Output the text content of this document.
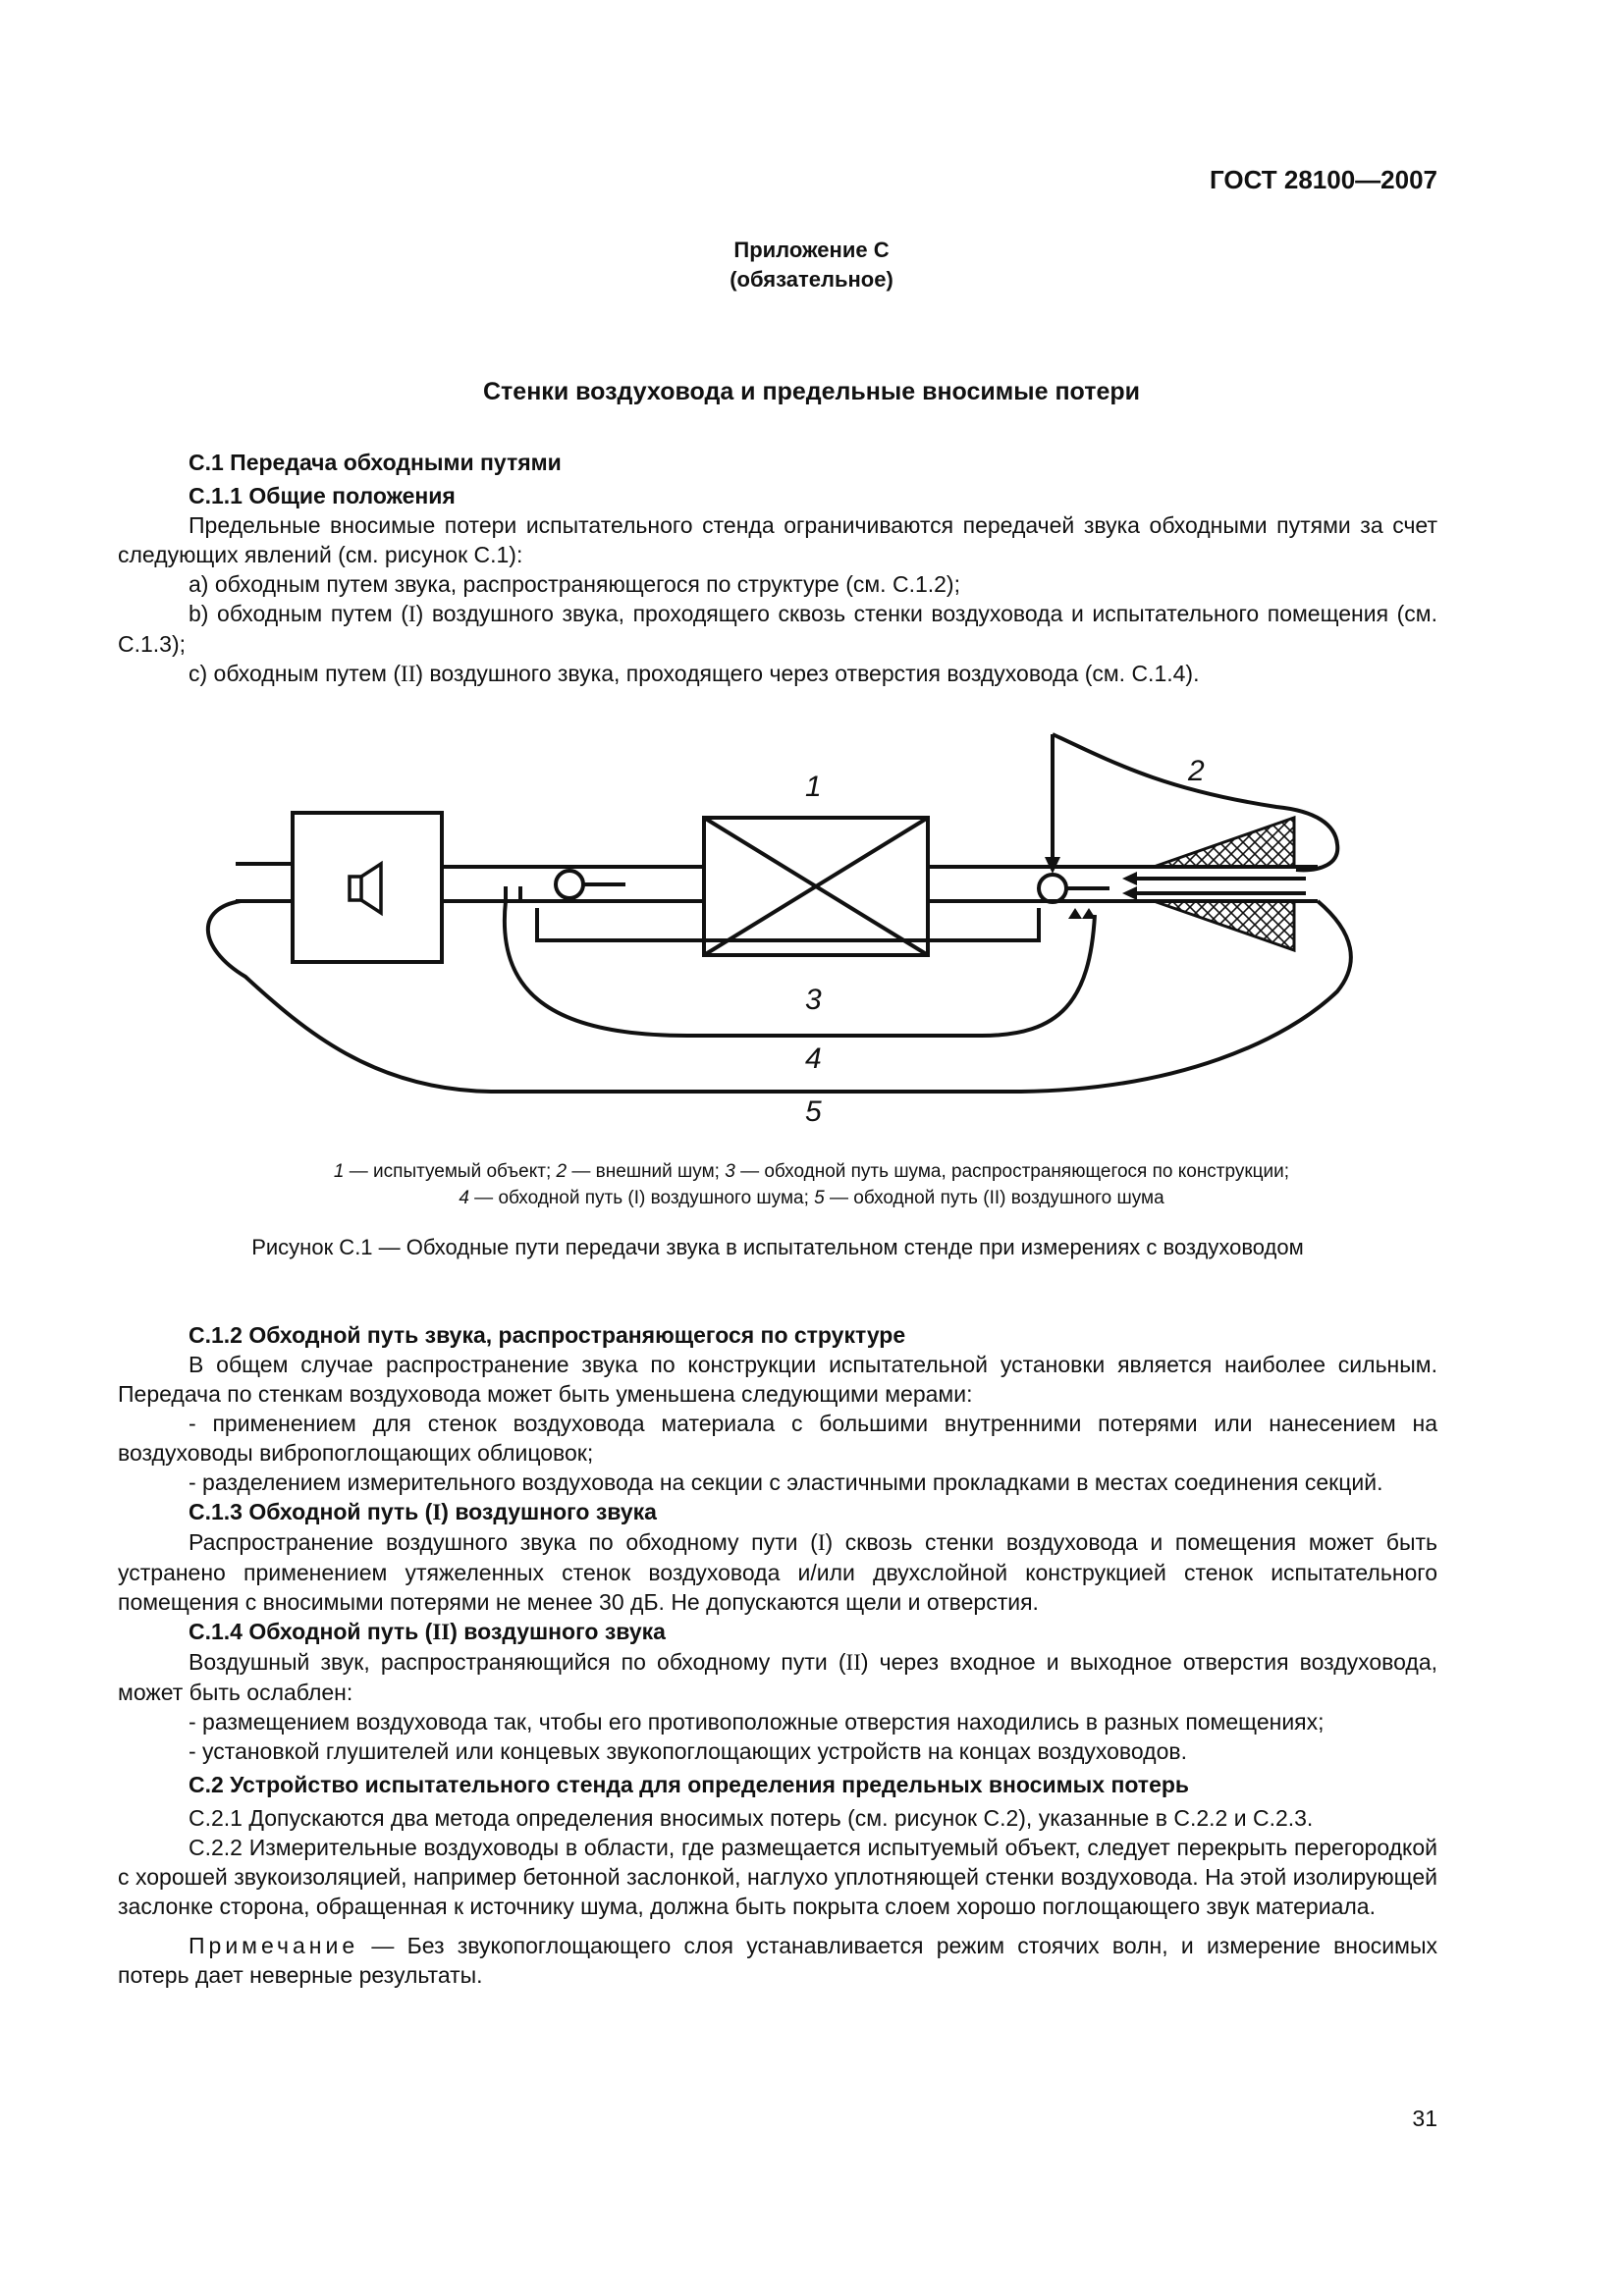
ГОСТ 28100—2007
Приложение С
(обязательное)
Стенки воздуховода и предельные вносимые потери

С.1 Передача обходными путями

С.1.1 Общие положения

Предельные вносимые потери испытательного стенда ограничиваются передачей звука обходными путями за счет следующих явлений (см. рисунок С.1):

а) обходным путем звука, распространяющегося по структуре (см. С.1.2);

b) обходным путем (I) воздушного звука, проходящего сквозь стенки воздуховода и испытательного помещения (см. С.1.3);

c) обходным путем (II) воздушного звука, проходящего через отверстия воздуховода (см. С.1.4).

1	2
3
4
5
1 — испытуемый объект; 2 — внешний шум; 3 — обходной путь шума, распространяющегося по конструкции;
4 — обходной путь (I) воздушного шума; 5 — обходной путь (II) воздушного шума
Рисунок С.1 — Обходные пути передачи звука в испытательном стенде при измерениях с воздуховодом

С.1.2 Обходной путь звука, распространяющегося по структуре

В общем случае распространение звука по конструкции испытательной установки является наиболее сильным. Передача по стенкам воздуховода может быть уменьшена следующими мерами:

- применением для стенок воздуховода материала с большими внутренними потерями или нанесением на воздуховоды вибропоглощающих облицовок;

- разделением измерительного воздуховода на секции с эластичными прокладками в местах соединения секций.

С.1.3 Обходной путь (I) воздушного звука

Распространение воздушного звука по обходному пути (I) сквозь стенки воздуховода и помещения может быть устранено применением утяжеленных стенок воздуховода и/или двухслойной конструкцией стенок испытательного помещения с вносимыми потерями не менее 30 дБ. Не допускаются щели и отверстия.

С.1.4 Обходной путь (II) воздушного звука

Воздушный звук, распространяющийся по обходному пути (II) через входное и выходное отверстия воздуховода, может быть ослаблен:

- размещением воздуховода так, чтобы его противоположные отверстия находились в разных помещениях;

- установкой глушителей или концевых звукопоглощающих устройств на концах воздуховодов.

С.2 Устройство испытательного стенда для определения предельных вносимых потерь

С.2.1 Допускаются два метода определения вносимых потерь (см. рисунок С.2), указанные в С.2.2 и С.2.3.

С.2.2 Измерительные воздуховоды в области, где размещается испытуемый объект, следует перекрыть перегородкой с хорошей звукоизоляцией, например бетонной заслонкой, наглухо уплотняющей стенки воздуховода. На этой изолирующей заслонке сторона, обращенная к источнику шума, должна быть покрыта слоем хорошо поглощающего звук материала.

Примечание — Без звукопоглощающего слоя устанавливается режим стоячих волн, и измерение вносимых потерь дает неверные результаты.

31
